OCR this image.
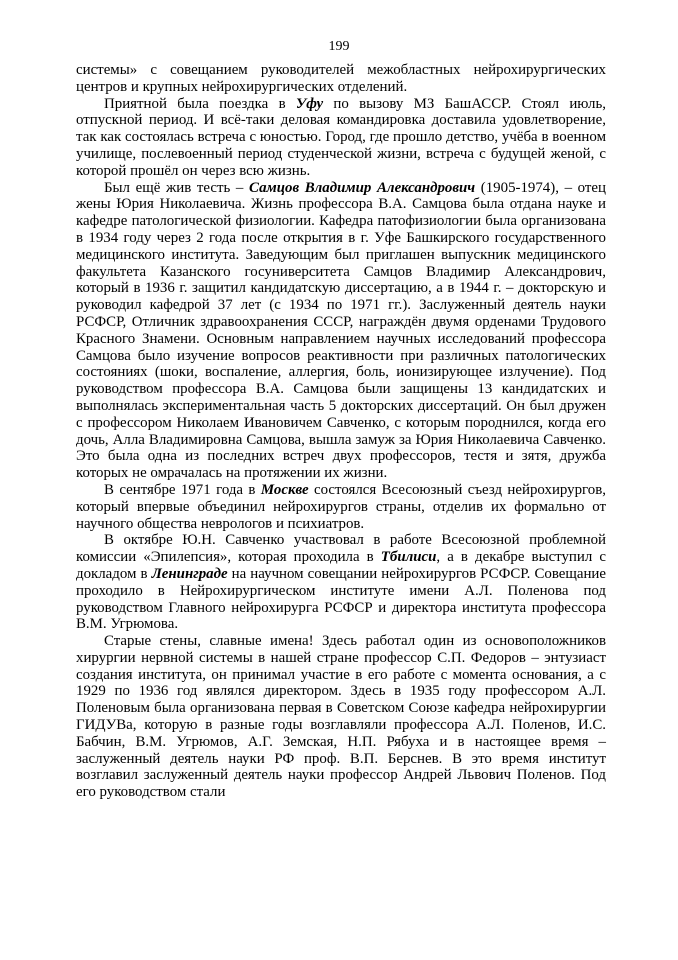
199

системы» с совещанием руководителей межобластных нейрохирургических центров и крупных нейрохирургических отделений.

Приятной была поездка в Уфу по вызову МЗ БашАССР. Стоял июль, отпускной период. И всё-таки деловая командировка доставила удовлетворение, так как состоялась встреча с юностью. Город, где прошло детство, учёба в военном училище, послевоенный период студенческой жизни, встреча с будущей женой, с которой прошёл он через всю жизнь.

Был ещё жив тесть – Самцов Владимир Александрович (1905-1974), – отец жены Юрия Николаевича. Жизнь профессора В.А. Самцова была отдана науке и кафедре патологической физиологии. Кафедра патофизиологии была организована в 1934 году через 2 года после открытия в г. Уфе Башкирского государственного медицинского института. Заведующим был приглашен выпускник медицинского факультета Казанского госуниверситета Самцов Владимир Александрович, который в 1936 г. защитил кандидатскую диссертацию, а в 1944 г. – докторскую и руководил кафедрой 37 лет (с 1934 по 1971 гг.). Заслуженный деятель науки РСФСР, Отличник здравоохранения СССР, награждён двумя орденами Трудового Красного Знамени. Основным направлением научных исследований профессора Самцова было изучение вопросов реактивности при различных патологических состояниях (шоки, воспаление, аллергия, боль, ионизирующее излучение). Под руководством профессора В.А. Самцова были защищены 13 кандидатских и выполнялась экспериментальная часть 5 докторских диссертаций. Он был дружен с профессором Николаем Ивановичем Савченко, с которым породнился, когда его дочь, Алла Владимировна Самцова, вышла замуж за Юрия Николаевича Савченко. Это была одна из последних встреч двух профессоров, тестя и зятя, дружба которых не омрачалась на протяжении их жизни.

В сентябре 1971 года в Москве состоялся Всесоюзный съезд нейрохирургов, который впервые объединил нейрохирургов страны, отделив их формально от научного общества неврологов и психиатров.

В октябре Ю.Н. Савченко участвовал в работе Всесоюзной проблемной комиссии «Эпилепсия», которая проходила в Тбилиси, а в декабре выступил с докладом в Ленинграде на научном совещании нейрохирургов РСФСР. Совещание проходило в Нейрохирургическом институте имени А.Л. Поленова под руководством Главного нейрохирурга РСФСР и директора института профессора В.М. Угрюмова.

Старые стены, славные имена! Здесь работал один из основоположников хирургии нервной системы в нашей стране профессор С.П. Федоров – энтузиаст создания института, он принимал участие в его работе с момента основания, а с 1929 по 1936 год являлся директором. Здесь в 1935 году профессором А.Л. Поленовым была организована первая в Советском Союзе кафедра нейрохирургии ГИДУВа, которую в разные годы возглавляли профессора А.Л. Поленов, И.С. Бабчин, В.М. Угрюмов, А.Г. Земская, Н.П. Рябуха и в настоящее время – заслуженный деятель науки РФ проф. В.П. Берснев. В это время институт возглавил заслуженный деятель науки профессор Андрей Львович Поленов. Под его руководством стали
